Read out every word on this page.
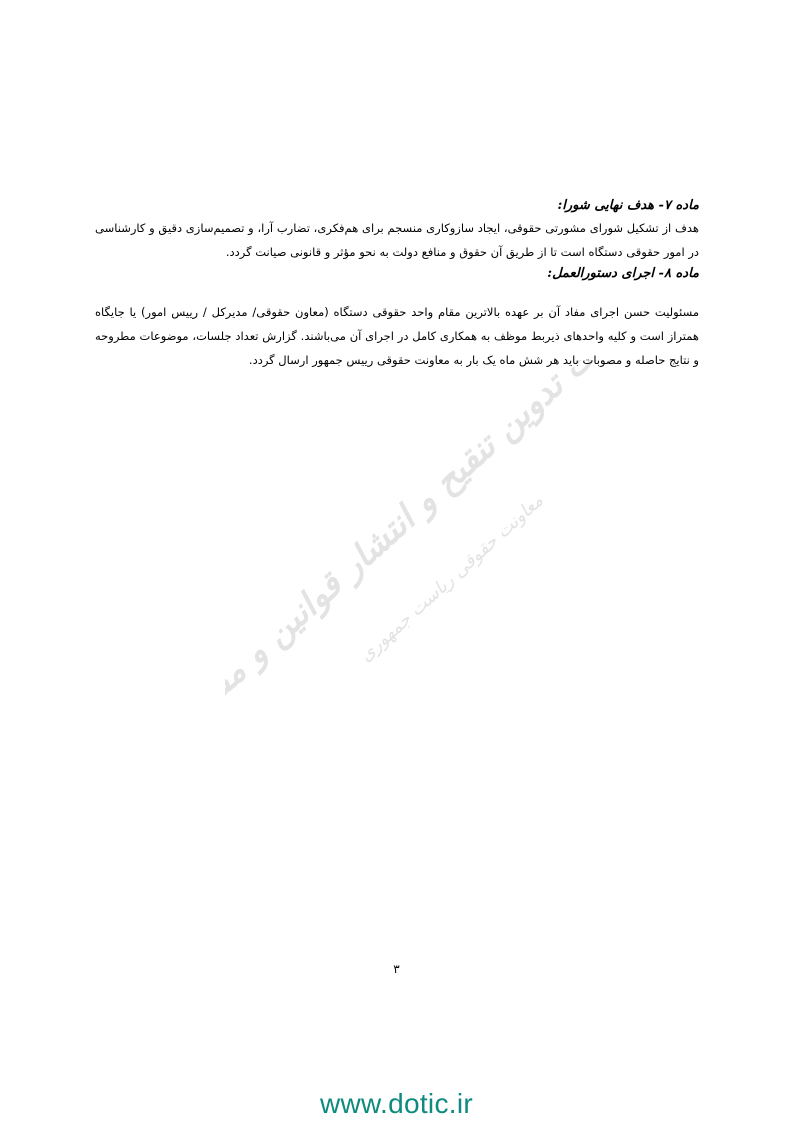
تدوین تنقیح و انتشار قوانین و مقررات
معاونت حقوقی ریاست جمهوری

ماده ۷- هدف نهایی شورا:

هدف از تشکیل شورای مشورتی حقوقی، ایجاد سازوکاری منسجم برای هم‌فکری، تضارب آرا، و تصمیم‌سازی دقیق و کارشناسی در امور حقوقی دستگاه است تا از طریق آن حقوق و منافع دولت به نحو مؤثر و قانونی صیانت گردد.

ماده ۸- اجرای دستورالعمل:

مسئولیت حسن اجرای مفاد آن بر عهده بالاترین مقام واحد حقوقی دستگاه (معاون حقوقی/ مدیرکل / رییس امور) یا جایگاه همتراز است و کلیه واحدهای ذیربط موظف به همکاری کامل در اجرای آن می‌باشند. گزارش تعداد جلسات، موضوعات مطروحه و نتایج حاصله و مصوبات باید هر شش ماه یک بار به معاونت حقوقی رییس جمهور ارسال گردد.

۳
www.dotic.ir
